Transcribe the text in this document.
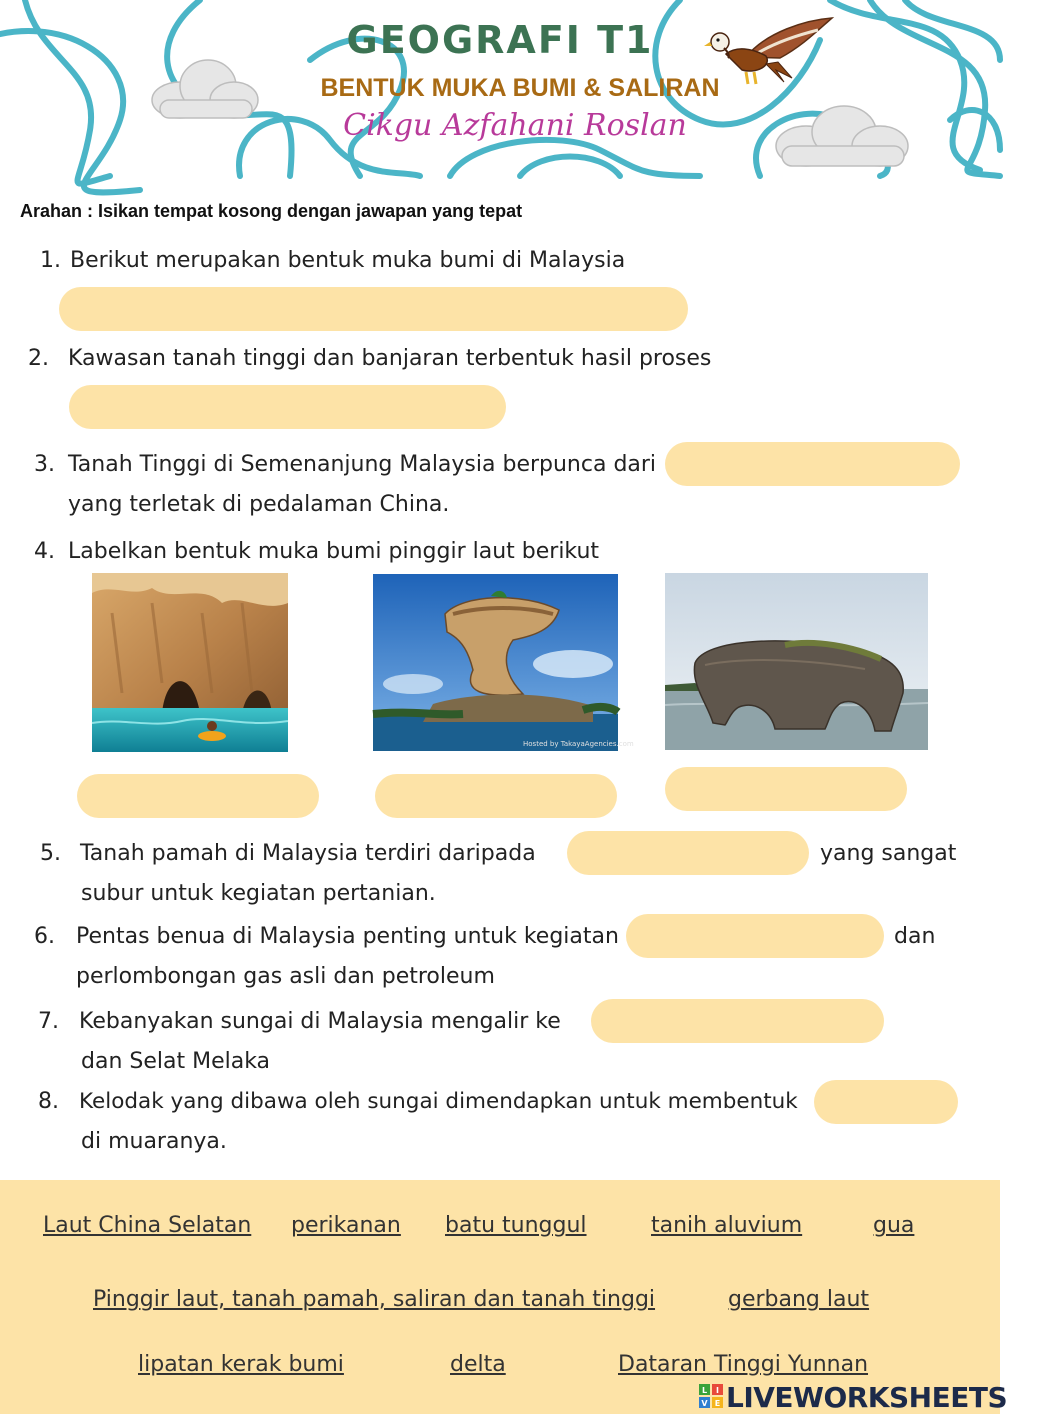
GEOGRAFI T1
BENTUK MUKA BUMI & SALIRAN
Cikgu Azfahani Roslan
Arahan : Isikan tempat kosong dengan jawapan yang tepat
1. Berikut merupakan bentuk muka bumi di Malaysia
2. Kawasan tanah tinggi dan banjaran terbentuk hasil proses
3. Tanah Tinggi di Semenanjung Malaysia berpunca dari
yang terletak di pedalaman China.
4. Labelkan bentuk muka bumi pinggir laut berikut
Hosted by TakayaAgencies.com
5. Tanah pamah di Malaysia terdiri daripada	yang sangat
subur untuk kegiatan pertanian.
6. Pentas benua di Malaysia penting untuk kegiatan	dan
perlombongan gas asli dan petroleum
7. Kebanyakan sungai di Malaysia mengalir ke
dan Selat Melaka
8. Kelodak yang dibawa oleh sungai dimendapkan untuk membentuk
di muaranya.
Laut China Selatan perikanan batu tunggul	tanih aluvium	gua
Pinggir laut, tanah pamah, saliran dan tanah tinggi	gerbang laut
lipatan kerak bumi	delta	Dataran Tinggi Yunnan
L I
V E LIVEWORKSHEETS
